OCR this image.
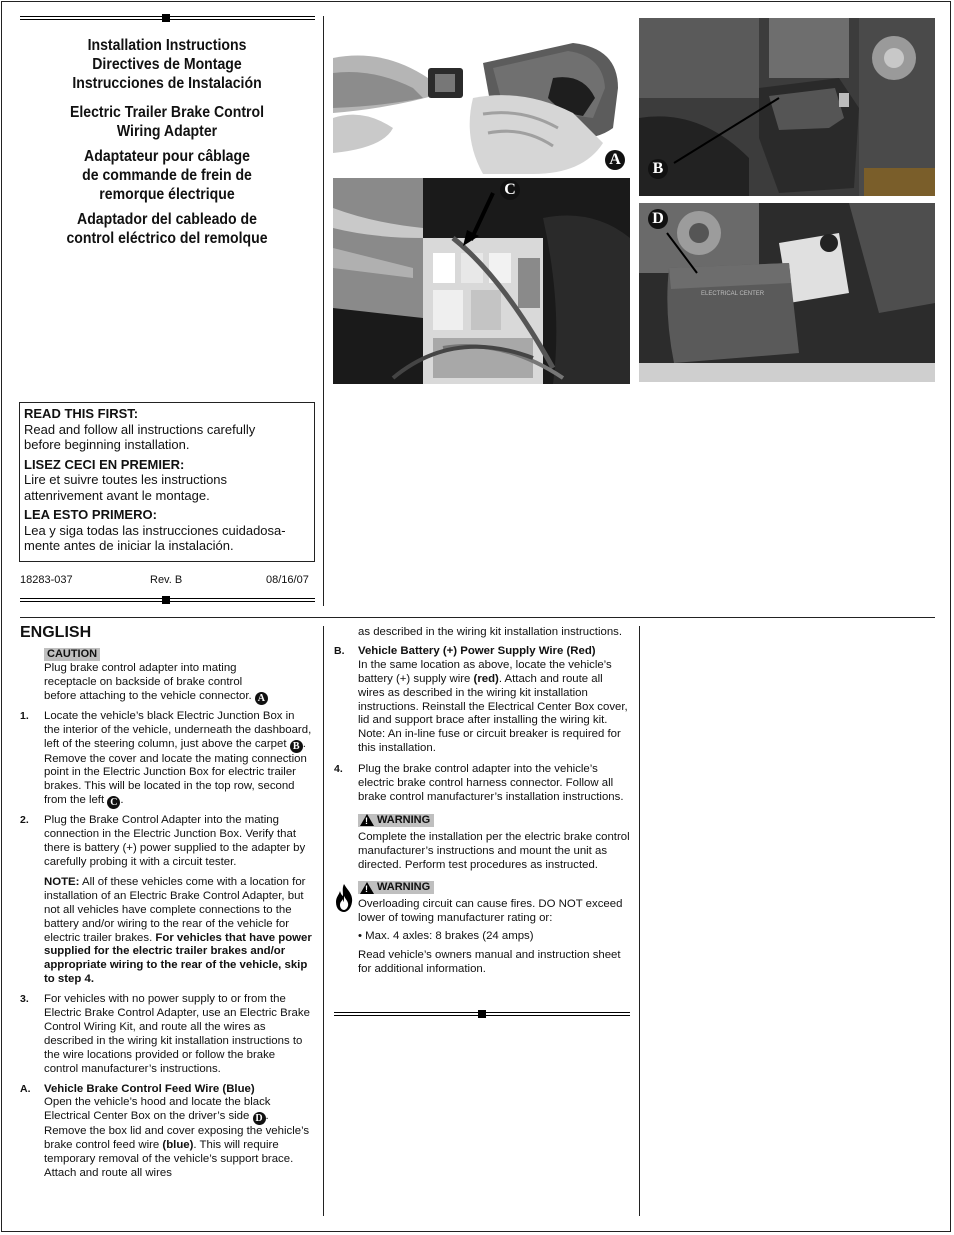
Installation Instructions
Directives de Montage
Instrucciones de Instalación
Electric Trailer Brake Control
Wiring Adapter
Adaptateur pour câblage
de commande de frein de
remorque électrique
Adaptador del cableado de
control eléctrico del remolque
READ THIS FIRST:
Read and follow all instructions carefully
before beginning installation.
LISEZ CECI EN PREMIER:
Lire et suivre toutes les instructions
attenrivement avant le montage.
LEA ESTO PRIMERO:
Lea y siga todas las instrucciones cuidadosa-
mente antes de iniciar la instalación.
18283-037	Rev. B	08/16/07
A
B
C
ELECTRICAL CENTER
D
ENGLISH
CAUTION
Plug brake control adapter into mating receptacle on backside of brake control before attaching to the vehicle connector. A
1. Locate the vehicle’s black Electric Junction Box in the interior of the vehicle, underneath the dashboard, left of the steering column, just above the carpet B . Remove the cover and locate the mating connection point in the Electric Junction Box for electric trailer brakes. This will be located in the top row, second from the left C .
2. Plug the Brake Control Adapter into the mating connection in the Electric Junction Box. Verify that there is battery (+) power supplied to the adapter by carefully probing it with a circuit tester.
NOTE: All of these vehicles come with a location for installation of an Electric Brake Control Adapter, but not all vehicles have complete connections to the battery and/or wiring to the rear of the vehicle for electric trailer brakes. For vehicles that have power supplied for the electric trailer brakes and/or appropriate wiring to the rear of the vehicle, skip to step 4.
3. For vehicles with no power supply to or from the Electric Brake Control Adapter, use an Electric Brake Control Wiring Kit, and route all the wires as described in the wiring kit installation instructions to the wire locations provided or follow the brake control manufacturer’s instructions.
A. Vehicle Brake Control Feed Wire (Blue)
Open the vehicle’s hood and locate the black Electrical Center Box on the driver’s side D . Remove the box lid and cover exposing the vehicle’s brake control feed wire (blue). This will require temporary removal of the vehicle’s support brace. Attach and route all wires
as described in the wiring kit installation instructions.
B. Vehicle Battery (+) Power Supply Wire (Red)
In the same location as above, locate the vehicle’s battery (+) supply wire (red). Attach and route all wires as described in the wiring kit installation instructions. Reinstall the Electrical Center Box cover, lid and support brace after installing the wiring kit. Note: An in-line fuse or circuit breaker is required for this installation.
4. Plug the brake control adapter into the vehicle’s electric brake control harness connector. Follow all brake control manufacturer’s installation instructions.
! WARNING
Complete the installation per the electric brake control manufacturer’s instructions and mount the unit as directed. Perform test procedures as instructed.
! WARNING
Overloading circuit can cause fires. DO NOT exceed lower of towing manufacturer rating or:
• Max. 4 axles: 8 brakes (24 amps)
Read vehicle’s owners manual and instruction sheet for additional information.
